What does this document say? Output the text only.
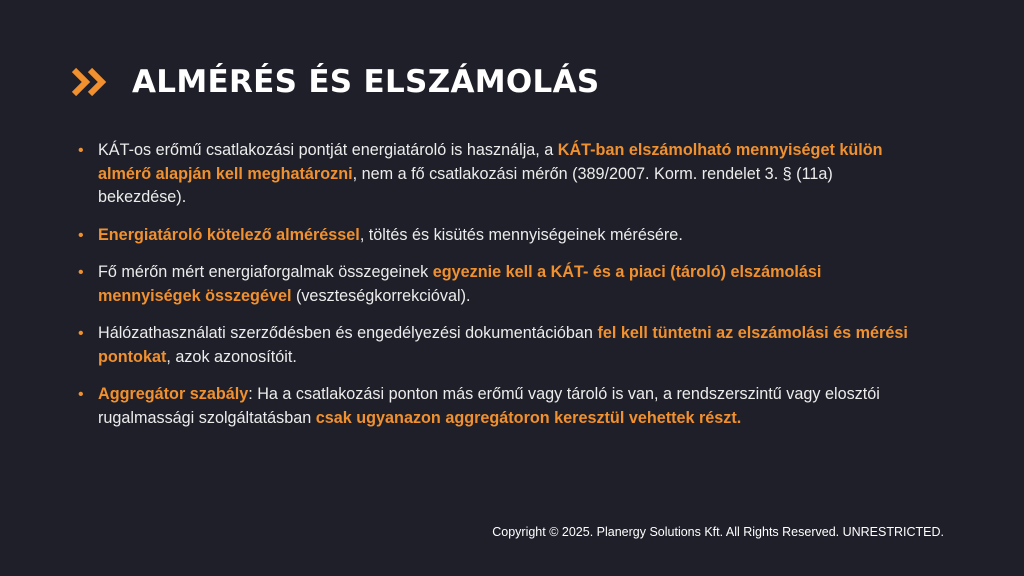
ALMÉRÉS ÉS ELSZÁMOLÁS
• KÁT-os erőmű csatlakozási pontját energiatároló is használja, a KÁT-ban elszámolható mennyiséget külön almérő alapján kell meghatározni, nem a fő csatlakozási mérőn (389/2007. Korm. rendelet 3. § (11a) bekezdése).
• Energiatároló kötelező alméréssel, töltés és kisütés mennyiségeinek mérésére.
• Fő mérőn mért energiaforgalmak összegeinek egyeznie kell a KÁT- és a piaci (tároló) elszámolási mennyiségek összegével (veszteségkorrekcióval).
• Hálózathasználati szerződésben és engedélyezési dokumentációban fel kell tüntetni az elszámolási és mérési pontokat, azok azonosítóit.
• Aggregátor szabály: Ha a csatlakozási ponton más erőmű vagy tároló is van, a rendszerszintű vagy elosztói rugalmassági szolgáltatásban csak ugyanazon aggregátoron keresztül vehettek részt.
Copyright © 2025. Planergy Solutions Kft. All Rights Reserved. UNRESTRICTED.
